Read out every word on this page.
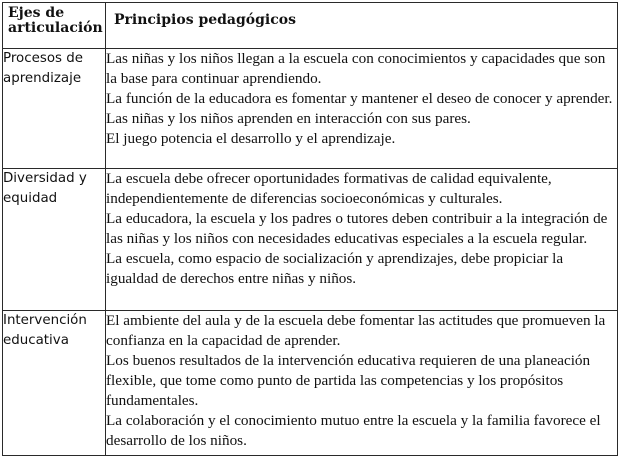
Ejes de articulación	Principios pedagógicos
Procesos de aprendizaje	Las niñas y los niños llegan a la escuela con conocimientos y capacidades que son la base para continuar aprendiendo.
La función de la educadora es fomentar y mantener el deseo de conocer y aprender.
Las niñas y los niños aprenden en interacción con sus pares.
El juego potencia el desarrollo y el aprendizaje.

Diversidad y equidad	La escuela debe ofrecer oportunidades formativas de calidad equivalente, independientemente de diferencias socioeconómicas y culturales.
La educadora, la escuela y los padres o tutores deben contribuir a la integración de las niñas y los niños con necesidades educativas especiales a la escuela regular.
La escuela, como espacio de socialización y aprendizajes, debe propiciar la igualdad de derechos entre niñas y niños.

Intervención educativa	El ambiente del aula y de la escuela debe fomentar las actitudes que promueven la confianza en la capacidad de aprender.
Los buenos resultados de la intervención educativa requieren de una planeación flexible, que tome como punto de partida las competencias y los propósitos fundamentales.
La colaboración y el conocimiento mutuo entre la escuela y la familia favorece el desarrollo de los niños.
